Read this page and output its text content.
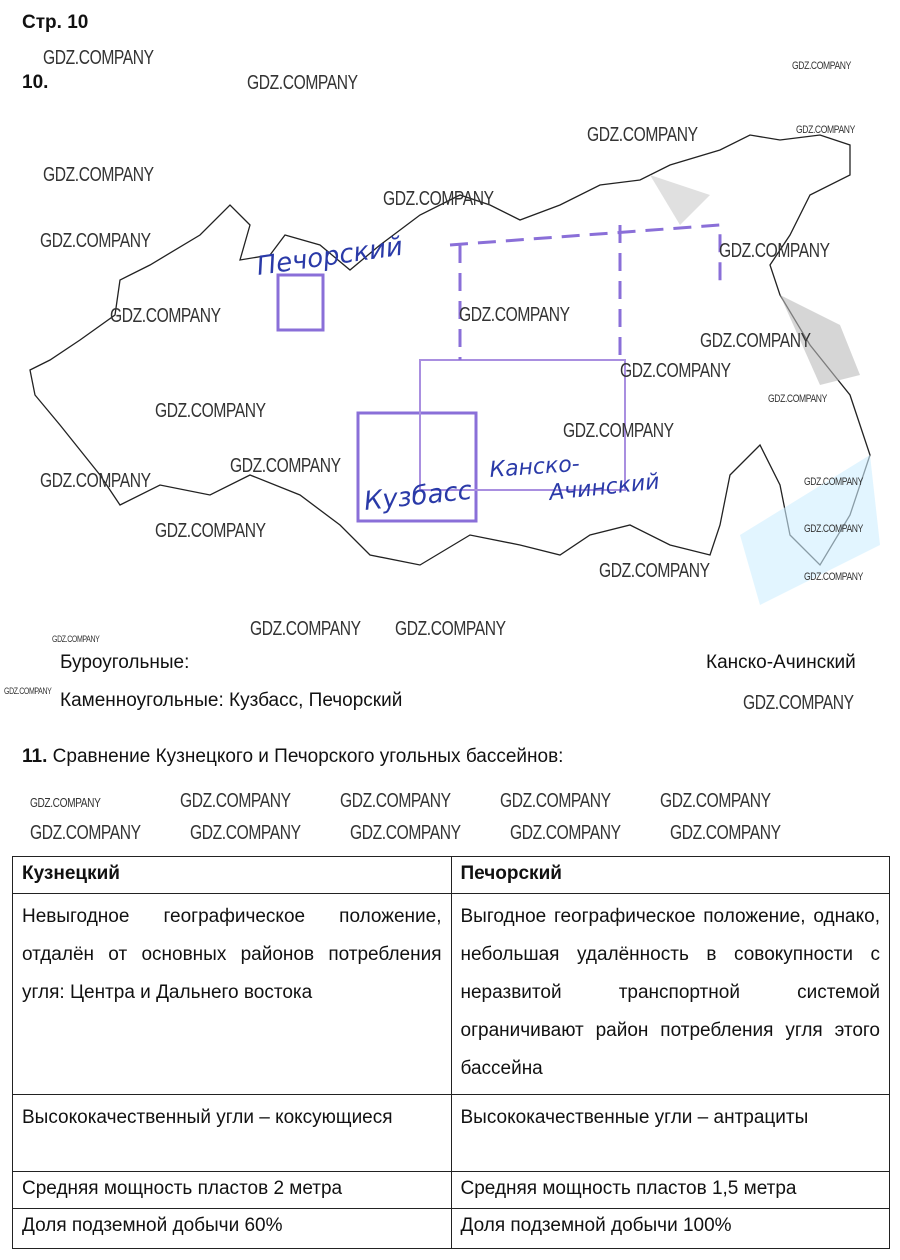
Стр. 10
10.
Печорский
Кузбасс
Канско-
Ачинский
Буроугольные:	Канско-Ачинский
Каменноугольные: Кузбасс, Печорский
11. Сравнение Кузнецкого и Печорского угольных бассейнов:
Кузнецкий	Печорский
Невыгодное географическое положение, отдалён от основных районов потребления угля: Центра и Дальнего востока	Выгодное географическое положение, однако, небольшая удалённость в совокупности с неразвитой транспортной системой ограничивают район потребления угля этого бассейна
Высококачественный угли – коксующиеся	Высококачественные угли – антрациты
Средняя мощность пластов 2 метра	Средняя мощность пластов 1,5 метра
Доля подземной добычи 60%	Доля подземной добычи 100%
GDZ.COMPANY
GDZ.COMPANY
GDZ.COMPANY
GDZ.COMPANY	GDZ.COMPANY
GDZ.COMPANY
GDZ.COMPANY
GDZ.COMPANY	GDZ.COMPANY
GDZ.COMPANY	GDZ.COMPANY
GDZ.COMPANY
GDZ.COMPANY
GDZ.COMPANY
GDZ.COMPANY
GDZ.COMPANY
GDZ.COMPANY
GDZ.COMPANY	GDZ.COMPANY
GDZ.COMPANY	GDZ.COMPANY
GDZ.COMPANY	GDZ.COMPANY
GDZ.COMPANY
GDZ.COMPANY	GDZ.COMPANY
GDZ.COMPANY
GDZ.COMPANY
GDZ.COMPANY	GDZ.COMPANY GDZ.COMPANY GDZ.COMPANY GDZ.COMPANY
GDZ.COMPANY GDZ.COMPANY GDZ.COMPANY GDZ.COMPANY GDZ.COMPANY
